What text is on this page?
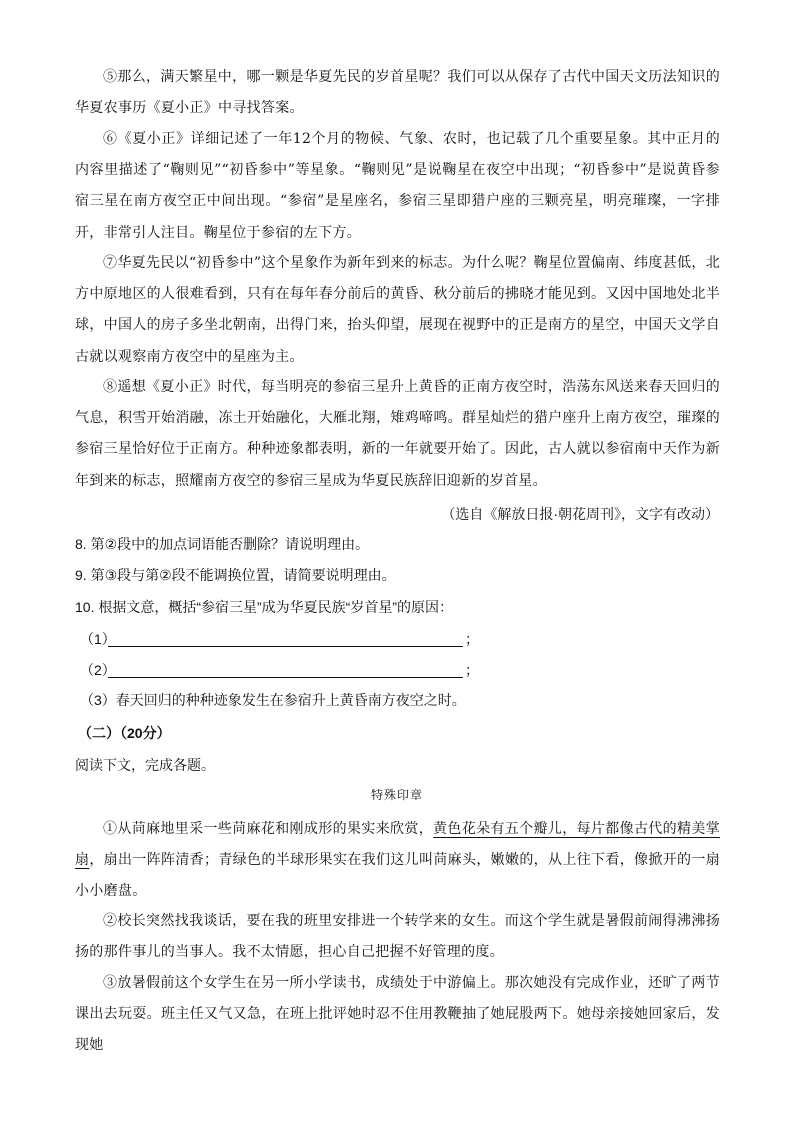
⑤那么，满天繁星中，哪一颗是华夏先民的岁首星呢？我们可以从保存了古代中国天文历法知识的华夏农事历《夏小正》中寻找答案。

⑥《夏小正》详细记述了一年12个月的物候、气象、农时，也记载了几个重要星象。其中正月的内容里描述了“鞠则见”“初昏参中”等星象。“鞠则见”是说鞠星在夜空中出现；“初昏参中”是说黄昏参宿三星在南方夜空正中间出现。“参宿”是星座名，参宿三星即猎户座的三颗亮星，明亮璀璨，一字排开，非常引人注目。鞠星位于参宿的左下方。

⑦华夏先民以“初昏参中”这个星象作为新年到来的标志。为什么呢？鞠星位置偏南、纬度甚低，北方中原地区的人很难看到，只有在每年春分前后的黄昏、秋分前后的拂晓才能见到。又因中国地处北半球，中国人的房子多坐北朝南，出得门来，抬头仰望，展现在视野中的正是南方的星空，中国天文学自古就以观察南方夜空中的星座为主。

⑧遥想《夏小正》时代，每当明亮的参宿三星升上黄昏的正南方夜空时，浩荡东风送来春天回归的气息，积雪开始消融，冻土开始融化，大雁北翔，雉鸡啼鸣。群星灿烂的猎户座升上南方夜空，璀璨的参宿三星恰好位于正南方。种种迹象都表明，新的一年就要开始了。因此，古人就以参宿南中天作为新年到来的标志，照耀南方夜空的参宿三星成为华夏民族辞旧迎新的岁首星。

（选自《解放日报·朝花周刊》，文字有改动）
8. 第②段中的加点词语能否删除？请说明理由。
9. 第③段与第②段不能调换位置，请简要说明理由。
10. 根据文意，概括“参宿三星”成为华夏民族“岁首星”的原因：
（1）	；
（2）	；
（3）春天回归的种种迹象发生在参宿升上黄昏南方夜空之时。
（二）（20分）
阅读下文，完成各题。
特殊印章

①从苘麻地里采一些苘麻花和刚成形的果实来欣赏，黄色花朵有五个瓣儿，每片都像古代的精美掌扇，扇出一阵阵清香；青绿色的半球形果实在我们这儿叫苘麻头，嫩嫩的，从上往下看，像掀开的一扇小小磨盘。

②校长突然找我谈话，要在我的班里安排进一个转学来的女生。而这个学生就是暑假前闹得沸沸扬扬的那件事儿的当事人。我不太情愿，担心自己把握不好管理的度。

③放暑假前这个女学生在另一所小学读书，成绩处于中游偏上。那次她没有完成作业，还旷了两节课出去玩耍。班主任又气又急，在班上批评她时忍不住用教鞭抽了她屁股两下。她母亲接她回家后，发现她
